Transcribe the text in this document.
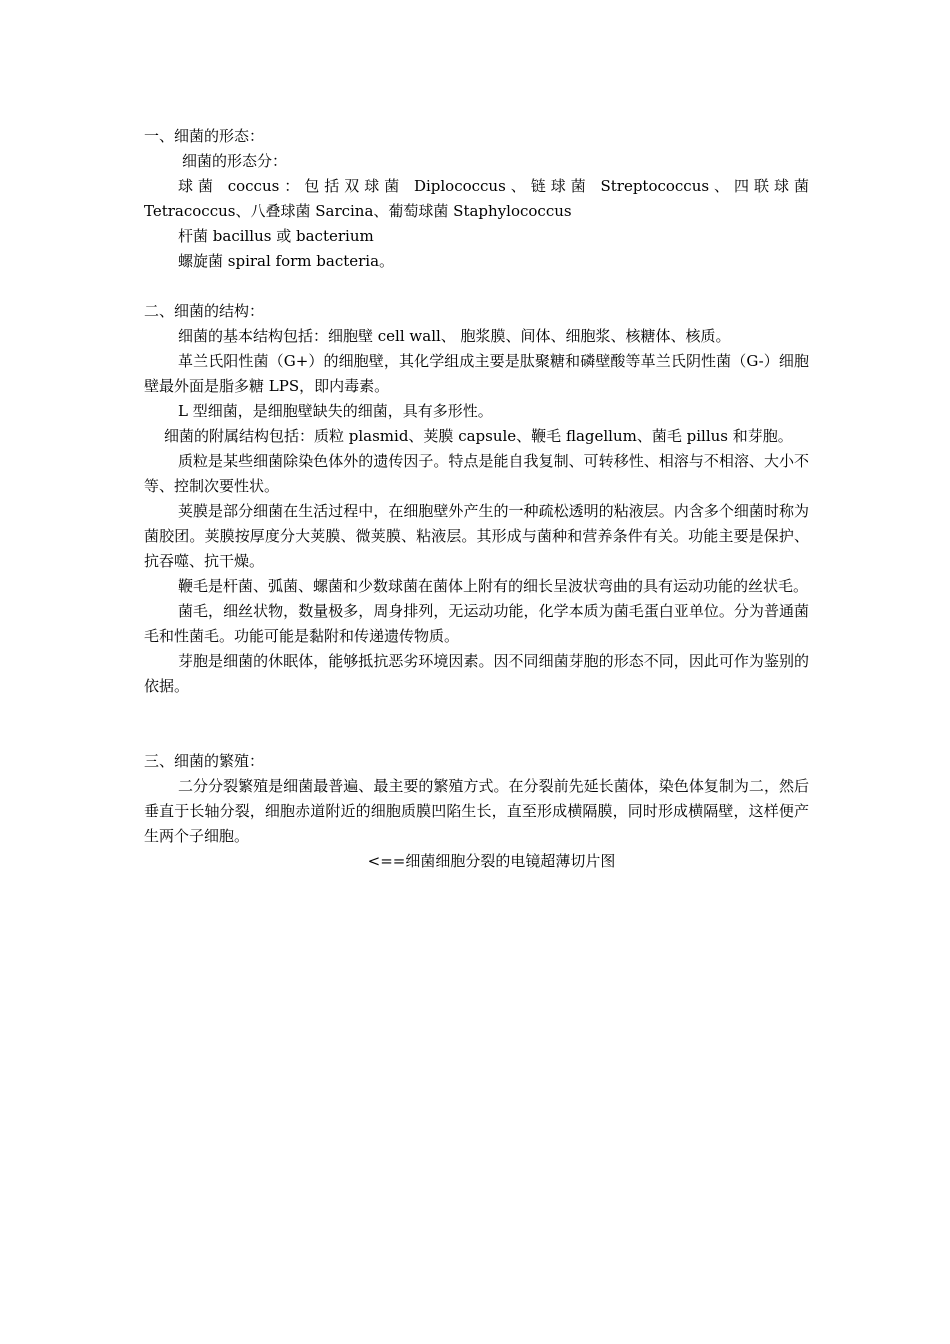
一、细菌的形态：

细菌的形态分：

球菌 coccus：包括双球菌 Diplococcus、链球菌 Streptococcus、四联球菌 Tetracoccus、八叠球菌 Sarcina、葡萄球菌 Staphylococcus

杆菌 bacillus 或 bacterium

螺旋菌 spiral form bacteria。

二、细菌的结构：

细菌的基本结构包括：细胞壁 cell wall、 胞浆膜、间体、细胞浆、核糖体、核质。

革兰氏阳性菌（G+）的细胞壁，其化学组成主要是肽聚糖和磷壁酸等革兰氏阴性菌（G-）细胞壁最外面是脂多糖 LPS，即内毒素。

L 型细菌，是细胞壁缺失的细菌，具有多形性。

细菌的附属结构包括：质粒 plasmid、荚膜 capsule、鞭毛 flagellum、菌毛 pillus 和芽胞。

质粒是某些细菌除染色体外的遗传因子。特点是能自我复制、可转移性、相溶与不相溶、大小不等、控制次要性状。

荚膜是部分细菌在生活过程中，在细胞壁外产生的一种疏松透明的粘液层。内含多个细菌时称为菌胶团。荚膜按厚度分大荚膜、微荚膜、粘液层。其形成与菌种和营养条件有关。功能主要是保护、抗吞噬、抗干燥。

鞭毛是杆菌、弧菌、螺菌和少数球菌在菌体上附有的细长呈波状弯曲的具有运动功能的丝状毛。

菌毛，细丝状物，数量极多，周身排列，无运动功能，化学本质为菌毛蛋白亚单位。分为普通菌毛和性菌毛。功能可能是黏附和传递遗传物质。

芽胞是细菌的休眠体，能够抵抗恶劣环境因素。因不同细菌芽胞的形态不同，因此可作为鉴别的依据。

三、细菌的繁殖：

二分分裂繁殖是细菌最普遍、最主要的繁殖方式。在分裂前先延长菌体，染色体复制为二，然后垂直于长轴分裂，细胞赤道附近的细胞质膜凹陷生长，直至形成横隔膜，同时形成横隔壁，这样便产生两个子细胞。

<==细菌细胞分裂的电镜超薄切片图
